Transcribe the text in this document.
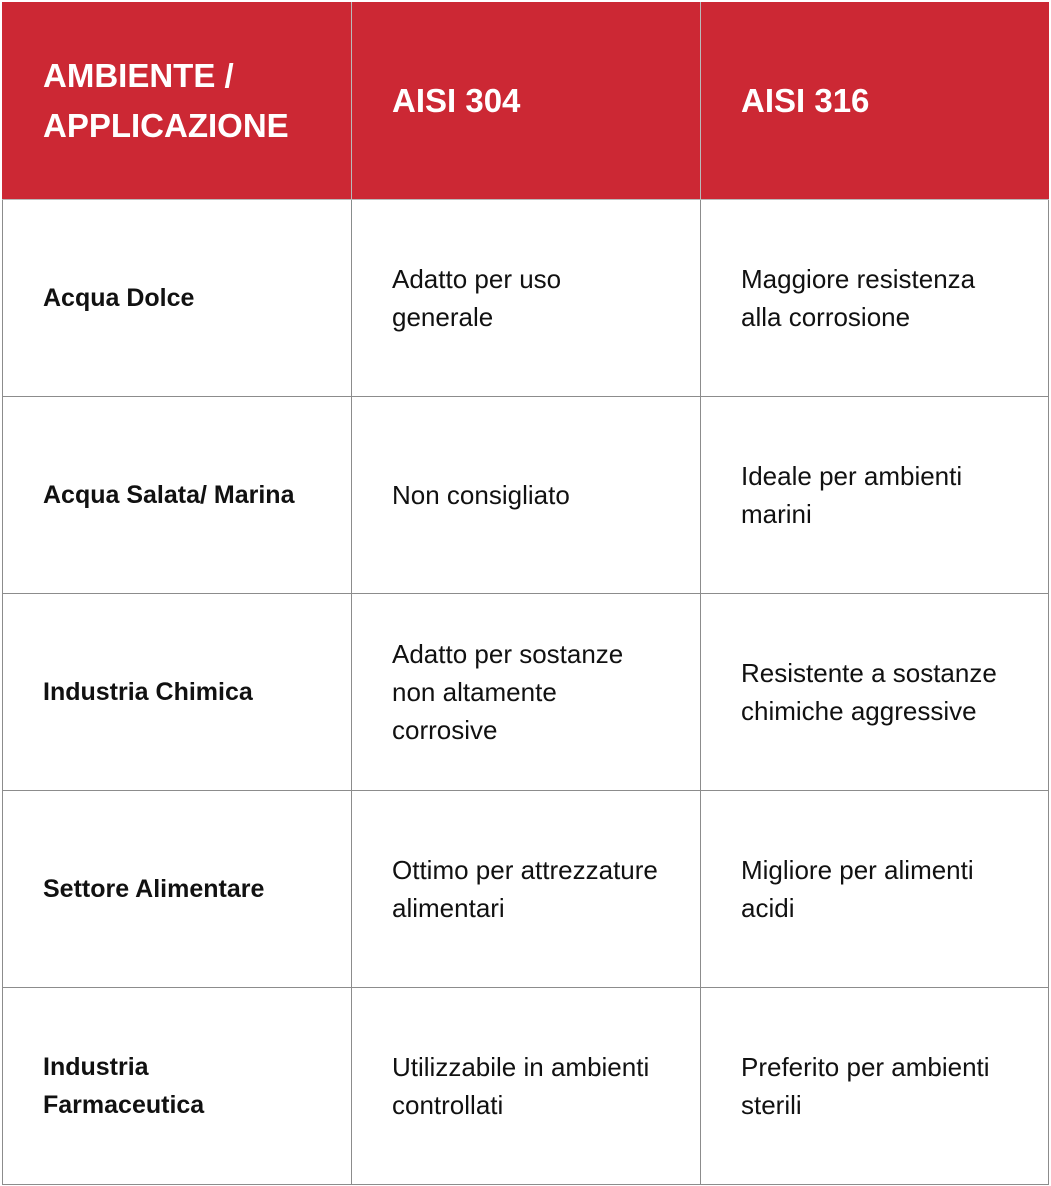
AMBIENTE /
APPLICAZIONE	AISI 304	AISI 316
Acqua Dolce	Adatto per uso generale	Maggiore resistenza alla corrosione
Acqua Salata/ Marina	Non consigliato	Ideale per ambienti marini
Industria Chimica	Adatto per sostanze non altamente corrosive	Resistente a sostanze chimiche aggressive
Settore Alimentare	Ottimo per attrezzature alimentari	Migliore per alimenti acidi
Industria Farmaceutica	Utilizzabile in ambienti controllati	Preferito per ambienti sterili
